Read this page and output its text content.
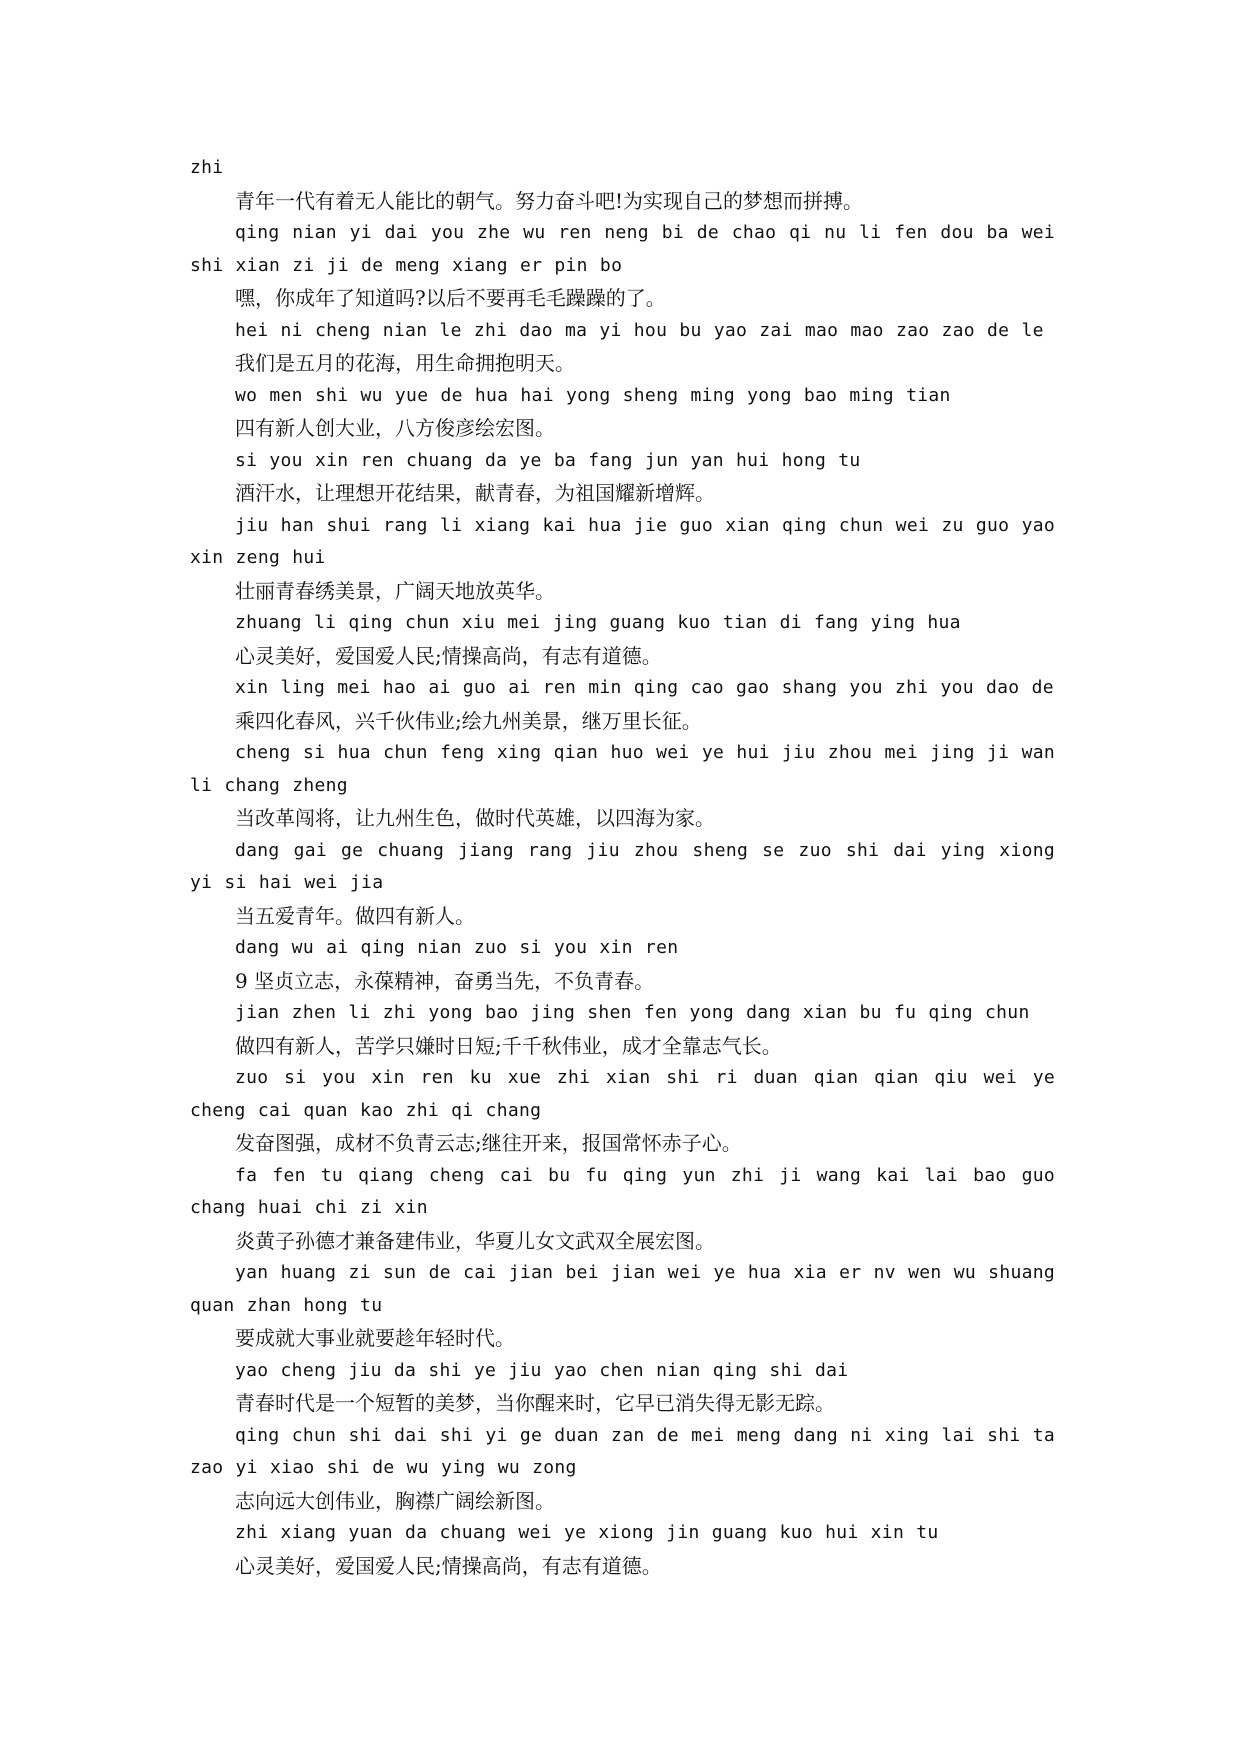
zhi

青年一代有着无人能比的朝气。努力奋斗吧!为实现自己的梦想而拼搏。

qing nian yi dai you zhe wu ren neng bi de chao qi nu li fen dou ba wei shi xian zi ji de meng xiang er pin bo

嘿，你成年了知道吗?以后不要再毛毛躁躁的了。

hei ni cheng nian le zhi dao ma yi hou bu yao zai mao mao zao zao de le

我们是五月的花海，用生命拥抱明天。

wo men shi wu yue de hua hai yong sheng ming yong bao ming tian

四有新人创大业，八方俊彦绘宏图。

si you xin ren chuang da ye ba fang jun yan hui hong tu

酒汗水，让理想开花结果，献青春，为祖国耀新增辉。

jiu han shui rang li xiang kai hua jie guo xian qing chun wei zu guo yao xin zeng hui

壮丽青春绣美景，广阔天地放英华。

zhuang li qing chun xiu mei jing guang kuo tian di fang ying hua

心灵美好，爱国爱人民;情操高尚，有志有道德。

xin ling mei hao ai guo ai ren min qing cao gao shang you zhi you dao de

乘四化春风，兴千伙伟业;绘九州美景，继万里长征。

cheng si hua chun feng xing qian huo wei ye hui jiu zhou mei jing ji wan li chang zheng

当改革闯将，让九州生色，做时代英雄，以四海为家。

dang gai ge chuang jiang rang jiu zhou sheng se zuo shi dai ying xiong yi si hai wei jia

当五爱青年。做四有新人。

dang wu ai qing nian zuo si you xin ren

9 坚贞立志，永葆精神，奋勇当先，不负青春。

jian zhen li zhi yong bao jing shen fen yong dang xian bu fu qing chun

做四有新人，苦学只嫌时日短;千千秋伟业，成才全靠志气长。

zuo si you xin ren ku xue zhi xian shi ri duan qian qian qiu wei ye cheng cai quan kao zhi qi chang

发奋图强，成材不负青云志;继往开来，报国常怀赤子心。

fa fen tu qiang cheng cai bu fu qing yun zhi ji wang kai lai bao guo chang huai chi zi xin

炎黄子孙德才兼备建伟业，华夏儿女文武双全展宏图。

yan huang zi sun de cai jian bei jian wei ye hua xia er nv wen wu shuang quan zhan hong tu

要成就大事业就要趁年轻时代。

yao cheng jiu da shi ye jiu yao chen nian qing shi dai

青春时代是一个短暂的美梦，当你醒来时，它早已消失得无影无踪。

qing chun shi dai shi yi ge duan zan de mei meng dang ni xing lai shi ta zao yi xiao shi de wu ying wu zong

志向远大创伟业，胸襟广阔绘新图。

zhi xiang yuan da chuang wei ye xiong jin guang kuo hui xin tu

心灵美好，爱国爱人民;情操高尚，有志有道德。
